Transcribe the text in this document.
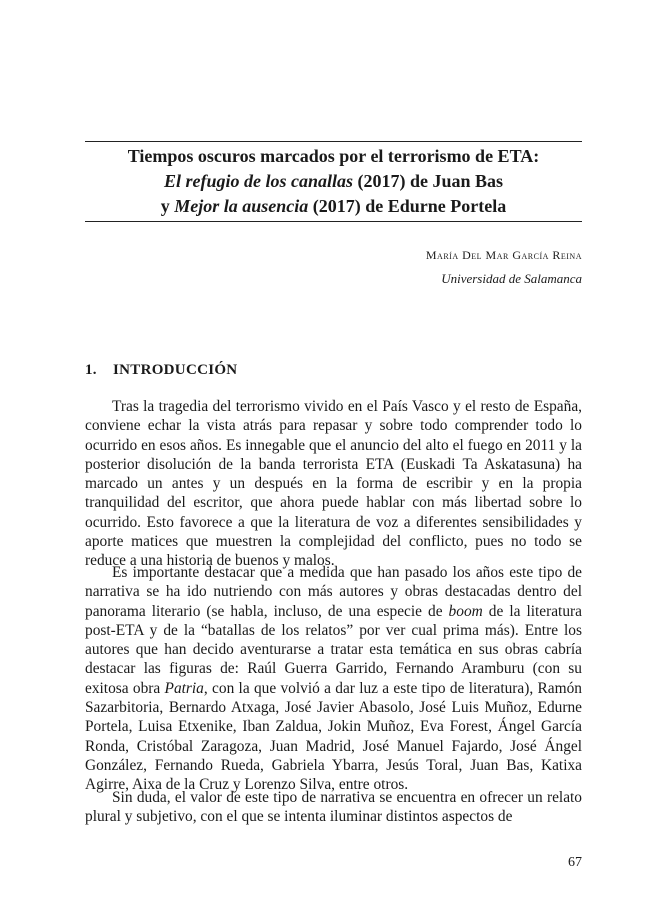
Tiempos oscuros marcados por el terrorismo de ETA:
El refugio de los canallas (2017) de Juan Bas
y Mejor la ausencia (2017) de Edurne Portela
María Del Mar García Reina
Universidad de Salamanca
1. INTRODUCCIÓN

Tras la tragedia del terrorismo vivido en el País Vasco y el resto de España, conviene echar la vista atrás para repasar y sobre todo comprender todo lo ocurrido en esos años. Es innegable que el anuncio del alto el fuego en 2011 y la posterior disolución de la banda terrorista ETA (Euskadi Ta Askatasuna) ha marcado un antes y un después en la forma de escribir y en la propia tranquilidad del escritor, que ahora puede hablar con más libertad sobre lo ocurrido. Esto favorece a que la literatura de voz a diferentes sensibilidades y aporte matices que muestren la complejidad del conflicto, pues no todo se reduce a una historia de buenos y malos.

Es importante destacar que a medida que han pasado los años este tipo de narrativa se ha ido nutriendo con más autores y obras destacadas dentro del panorama literario (se habla, incluso, de una especie de boom de la literatura post-ETA y de la “batallas de los relatos” por ver cual prima más). Entre los autores que han decido aventurarse a tratar esta temática en sus obras cabría destacar las figuras de: Raúl Guerra Garrido, Fernando Aramburu (con su exitosa obra Patria, con la que volvió a dar luz a este tipo de literatura), Ramón Sazarbitoria, Bernardo Atxaga, José Javier Abasolo, José Luis Muñoz, Edurne Portela, Luisa Etxenike, Iban Zaldua, Jokin Muñoz, Eva Forest, Ángel García Ronda, Cristóbal Zaragoza, Juan Madrid, José Manuel Fajardo, José Ángel González, Fernando Rueda, Gabriela Ybarra, Jesús Toral, Juan Bas, Katixa Agirre, Aixa de la Cruz y Lorenzo Silva, entre otros.

Sin duda, el valor de este tipo de narrativa se encuentra en ofrecer un relato plural y subjetivo, con el que se intenta iluminar distintos aspectos de

67
